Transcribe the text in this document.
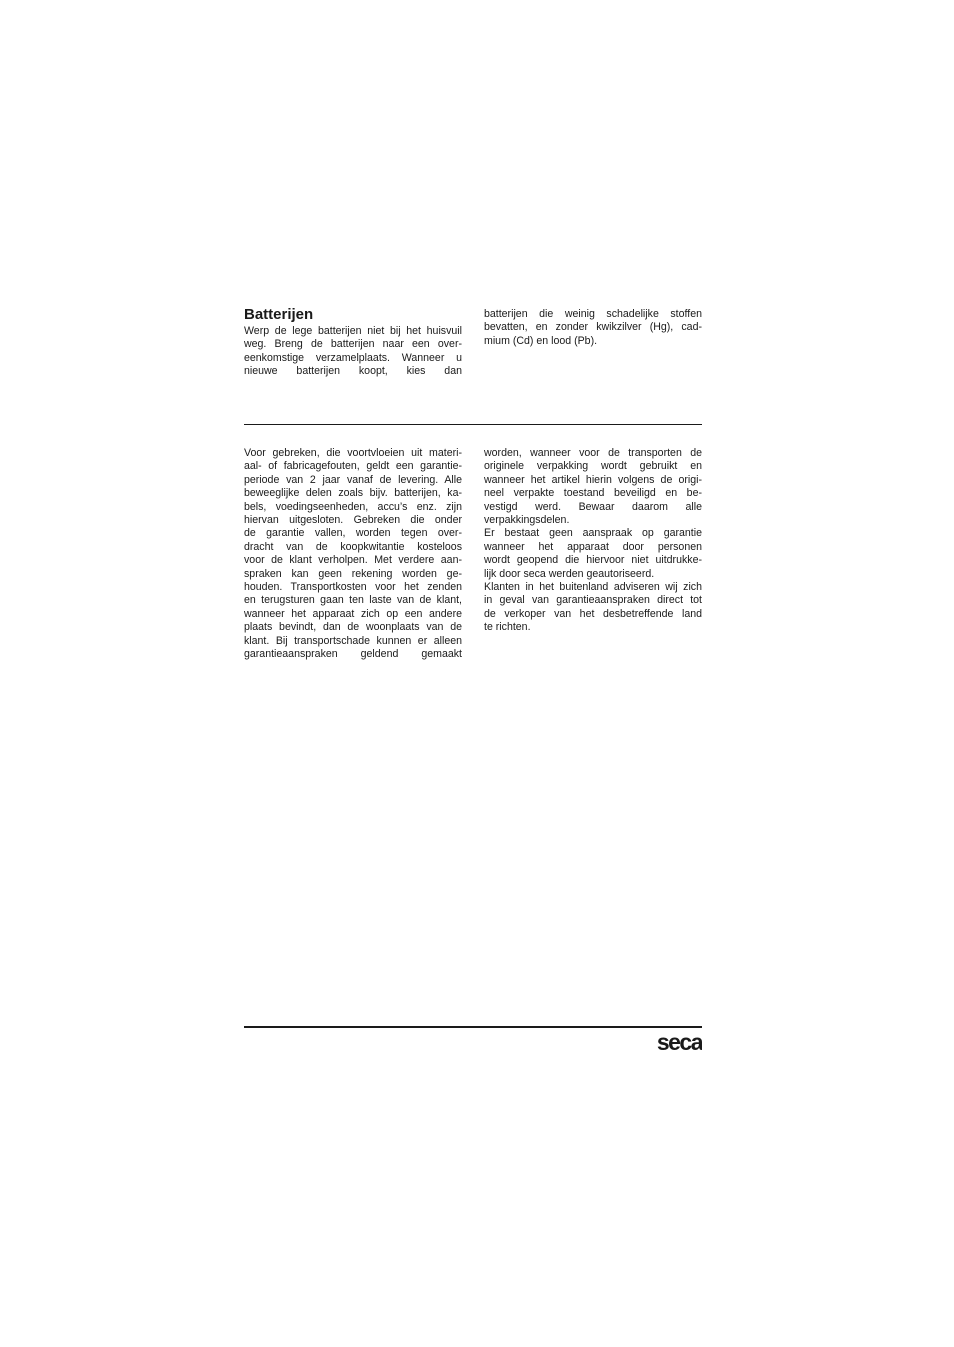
Batterijen

Werp de lege batterijen niet bij het huisvuil
weg. Breng de batterijen naar een over-
eenkomstige verzamelplaats. Wanneer u
nieuwe batterijen koopt, kies dan

batterijen die weinig schadelijke stoffen
bevatten, en zonder kwikzilver (Hg), cad-
mium (Cd) en lood (Pb).

Voor gebreken, die voortvloeien uit materi-
aal- of fabricagefouten, geldt een garantie-
periode van 2 jaar vanaf de levering. Alle
beweeglijke delen zoals bijv. batterijen, ka-
bels, voedingseenheden, accu’s enz. zijn
hiervan uitgesloten. Gebreken die onder
de garantie vallen, worden tegen over-
dracht van de koopkwitantie kosteloos
voor de klant verholpen. Met verdere aan-
spraken kan geen rekening worden ge-
houden. Transportkosten voor het zenden
en terugsturen gaan ten laste van de klant,
wanneer het apparaat zich op een andere
plaats bevindt, dan de woonplaats van de
klant. Bij transportschade kunnen er alleen
garantieaanspraken geldend gemaakt

worden, wanneer voor de transporten de
originele verpakking wordt gebruikt en
wanneer het artikel hierin volgens de origi-
neel verpakte toestand beveiligd en be-
vestigd werd. Bewaar daarom alle
verpakkingsdelen.

Er bestaat geen aanspraak op garantie
wanneer het apparaat door personen
wordt geopend die hiervoor niet uitdrukke-
lijk door seca werden geautoriseerd.

Klanten in het buitenland adviseren wij zich
in geval van garantieaanspraken direct tot
de verkoper van het desbetreffende land
te richten.

seca
